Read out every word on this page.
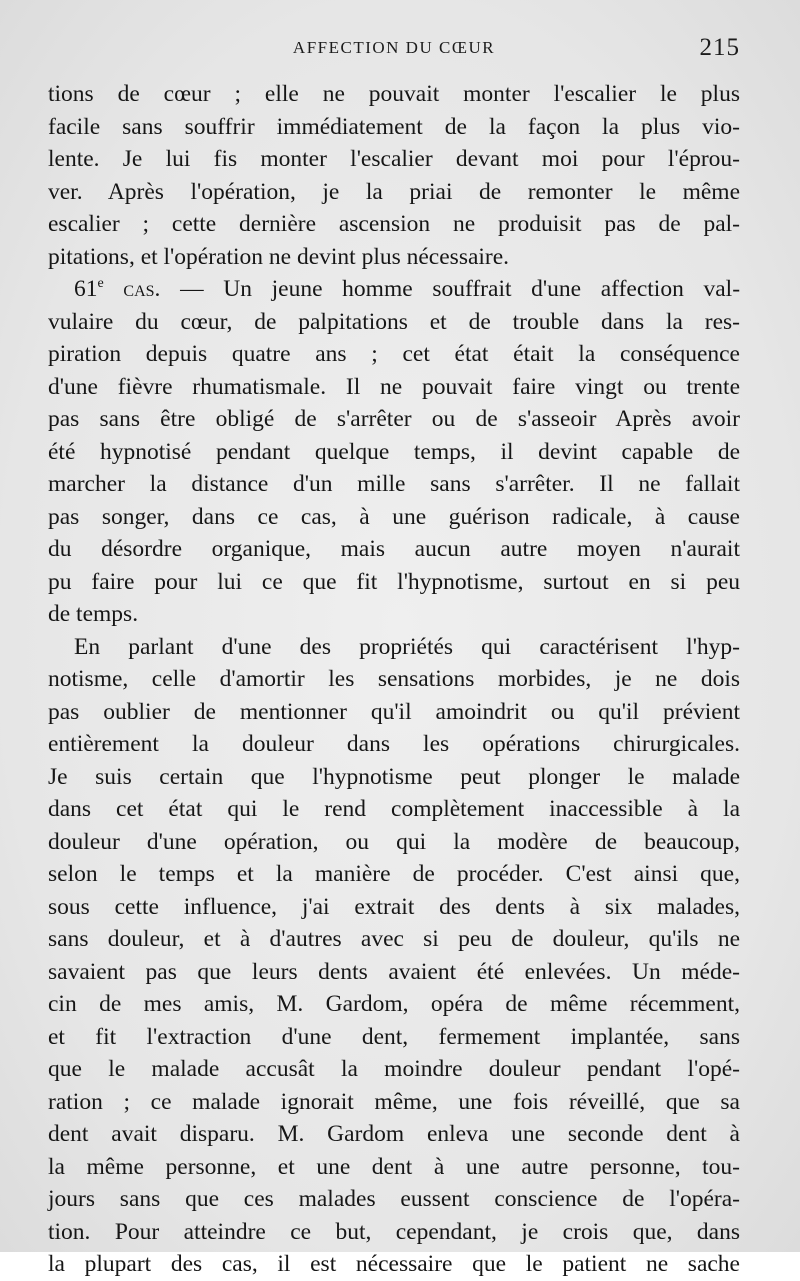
AFFECTION DU CŒUR	215
tions de cœur ; elle ne pouvait monter l'escalier le plus
facile sans souffrir immédiatement de la façon la plus vio-
lente. Je lui fis monter l'escalier devant moi pour l'éprou-
ver. Après l'opération, je la priai de remonter le même
escalier ; cette dernière ascension ne produisit pas de pal-
pitations, et l'opération ne devint plus nécessaire.
61e cas. — Un jeune homme souffrait d'une affection val-
vulaire du cœur, de palpitations et de trouble dans la res-
piration depuis quatre ans ; cet état était la conséquence
d'une fièvre rhumatismale. Il ne pouvait faire vingt ou trente
pas sans être obligé de s'arrêter ou de s'asseoir Après avoir
été hypnotisé pendant quelque temps, il devint capable de
marcher la distance d'un mille sans s'arrêter. Il ne fallait
pas songer, dans ce cas, à une guérison radicale, à cause
du désordre organique, mais aucun autre moyen n'aurait
pu faire pour lui ce que fit l'hypnotisme, surtout en si peu
de temps.
En parlant d'une des propriétés qui caractérisent l'hyp-
notisme, celle d'amortir les sensations morbides, je ne dois
pas oublier de mentionner qu'il amoindrit ou qu'il prévient
entièrement la douleur dans les opérations chirurgicales.
Je suis certain que l'hypnotisme peut plonger le malade
dans cet état qui le rend complètement inaccessible à la
douleur d'une opération, ou qui la modère de beaucoup,
selon le temps et la manière de procéder. C'est ainsi que,
sous cette influence, j'ai extrait des dents à six malades,
sans douleur, et à d'autres avec si peu de douleur, qu'ils ne
savaient pas que leurs dents avaient été enlevées. Un méde-
cin de mes amis, M. Gardom, opéra de même récemment,
et fit l'extraction d'une dent, fermement implantée, sans
que le malade accusât la moindre douleur pendant l'opé-
ration ; ce malade ignorait même, une fois réveillé, que sa
dent avait disparu. M. Gardom enleva une seconde dent à
la même personne, et une dent à une autre personne, tou-
jours sans que ces malades eussent conscience de l'opéra-
tion. Pour atteindre ce but, cependant, je crois que, dans
la plupart des cas, il est nécessaire que le patient ne sache
